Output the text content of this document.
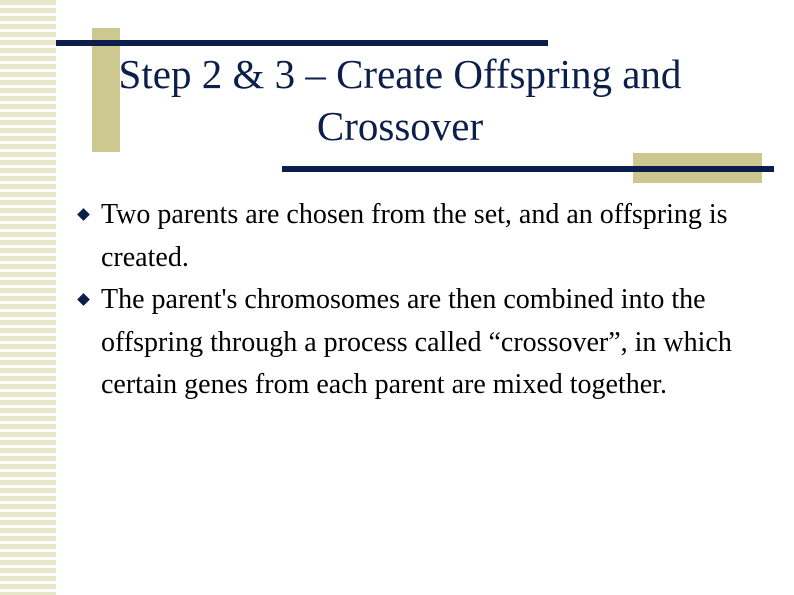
Step 2 & 3 – Create Offspring and
Crossover
Two parents are chosen from the set, and an offspring is created.
The parent's chromosomes are then combined into the offspring through a process called “crossover”, in which certain genes from each parent are mixed together.
